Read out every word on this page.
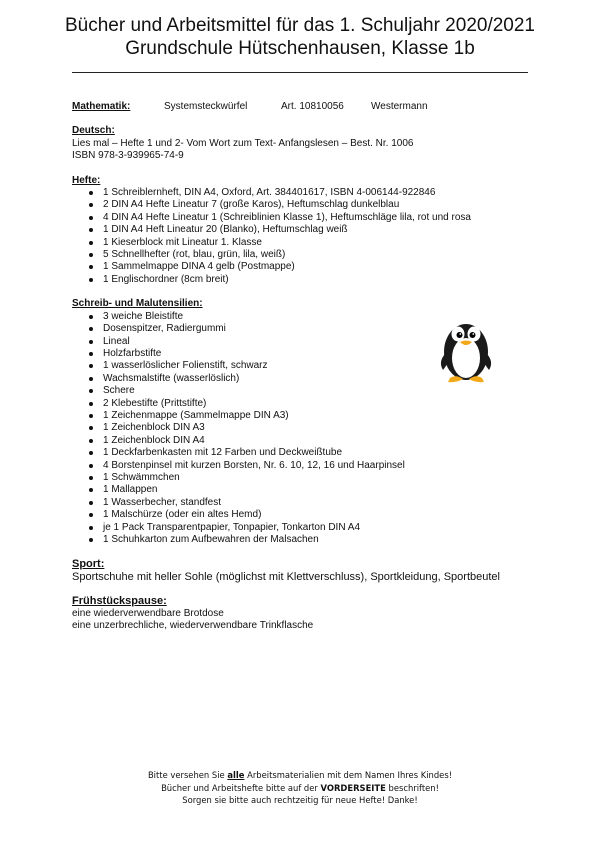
Bücher und Arbeitsmittel für das 1. Schuljahr 2020/2021
Grundschule Hütschenhausen, Klasse 1b
Mathematik:	Systemsteckwürfel	Art. 10810056	Westermann
Deutsch:
Lies mal – Hefte 1 und 2- Vom Wort zum Text- Anfangslesen – Best. Nr. 1006
ISBN 978-3-939965-74-9
Hefte:
1 Schreiblernheft, DIN A4, Oxford, Art. 384401617, ISBN 4-006144-922846
2 DIN A4 Hefte Lineatur 7 (große Karos), Heftumschlag dunkelblau
4 DIN A4 Hefte Lineatur 1 (Schreiblinien Klasse 1), Heftumschläge lila, rot und rosa
1 DIN A4 Heft Lineatur 20 (Blanko), Heftumschlag weiß
1 Kieserblock mit Lineatur 1. Klasse
5 Schnellhefter (rot, blau, grün, lila, weiß)
1 Sammelmappe DINA 4 gelb (Postmappe)
1 Englischordner (8cm breit)
Schreib- und Malutensilien:
3 weiche Bleistifte
Dosenspitzer, Radiergummi
Lineal
Holzfarbstifte
1 wasserlöslicher Folienstift, schwarz
Wachsmalstifte (wasserlöslich)
Schere
2 Klebestifte (Prittstifte)
1 Zeichenmappe (Sammelmappe DIN A3)
1 Zeichenblock DIN A3
1 Zeichenblock DIN A4
1 Deckfarbenkasten mit 12 Farben und Deckweißtube
4 Borstenpinsel mit kurzen Borsten, Nr. 6. 10, 12, 16 und Haarpinsel
1 Schwämmchen
1 Mallappen
1 Wasserbecher, standfest
1 Malschürze (oder ein altes Hemd)
je 1 Pack Transparentpapier, Tonpapier, Tonkarton DIN A4
1 Schuhkarton zum Aufbewahren der Malsachen
Sport:
Sportschuhe mit heller Sohle (möglichst mit Klettverschluss), Sportkleidung, Sportbeutel
Frühstückspause:
eine wiederverwendbare Brotdose
eine unzerbrechliche, wiederverwendbare Trinkflasche
Bitte versehen Sie alle Arbeitsmaterialien mit dem Namen Ihres Kindes!
Bücher und Arbeitshefte bitte auf der VORDERSEITE beschriften!
Sorgen sie bitte auch rechtzeitig für neue Hefte! Danke!
